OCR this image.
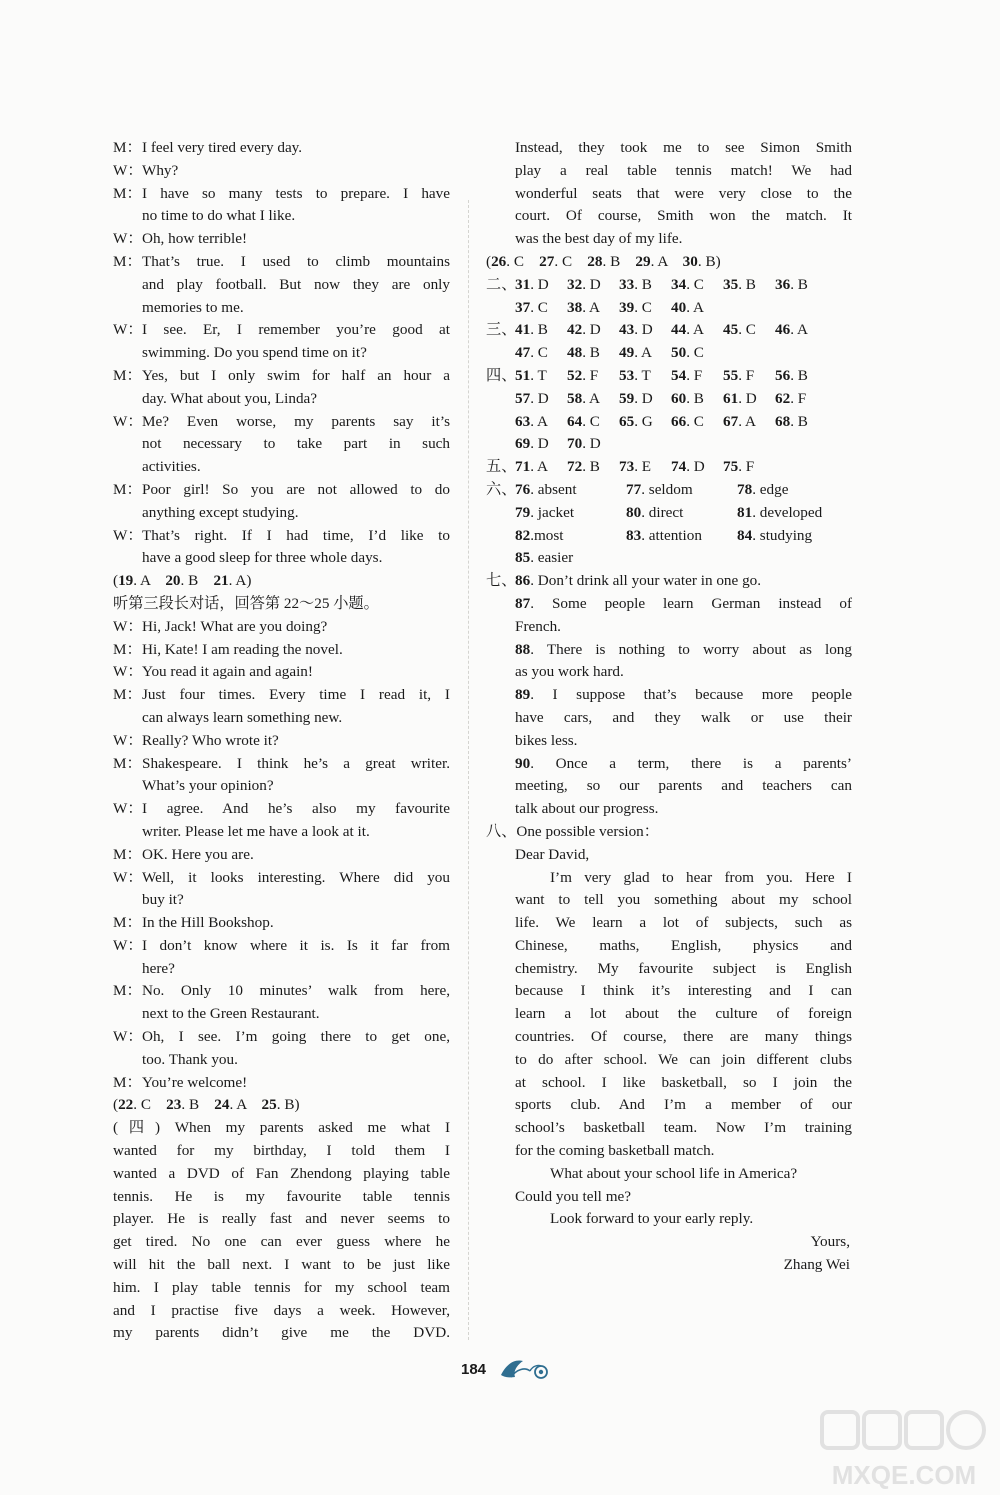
M： I feel very tired every day.
W： Why?
M： I have so many tests to prepare. I have
no time to do what I like.
W： Oh, how terrible!
M： That’s true. I used to climb mountains
and play football. But now they are only
memories to me.
W： I see. Er, I remember you’re good at
swimming. Do you spend time on it?
M： Yes, but I only swim for half an hour a
day. What about you, Linda?
W： Me? Even worse, my parents say it’s
not necessary to take part in such
activities.
M： Poor girl! So you are not allowed to do
anything except studying.
W： That’s right. If I had time, I’d like to
have a good sleep for three whole days.
(19. A　20. B　21. A)
听第三段长对话，回答第 22～25 小题。
W： Hi, Jack! What are you doing?
M： Hi, Kate! I am reading the novel.
W： You read it again and again!
M： Just four times. Every time I read it, I
can always learn something new.
W： Really? Who wrote it?
M： Shakespeare. I think he’s a great writer.
What’s your opinion?
W： I agree. And he’s also my favourite
writer. Please let me have a look at it.
M： OK. Here you are.
W： Well, it looks interesting. Where did you
buy it?
M： In the Hill Bookshop.
W： I don’t know where it is. Is it far from
here?
M： No. Only 10 minutes’ walk from here,
next to the Green Restaurant.
W： Oh, I see. I’m going there to get one,
too. Thank you.
M： You’re welcome!
(22. C　23. B　24. A　25. B)
(四) When my parents asked me what I
wanted for my birthday, I told them I
wanted a DVD of Fan Zhendong playing table
tennis. He is my favourite table tennis
player. He is really fast and never seems to
get tired. No one can ever guess where he
will hit the ball next. I want to be just like
him. I play table tennis for my school team
and I practise five days a week. However,
my parents didn’t give me the DVD.
Instead, they took me to see Simon Smith
play a real table tennis match! We had
wonderful seats that were very close to the
court. Of course, Smith won the match. It
was the best day of my life.
(26. C　27. C　28. B　29. A　30. B)
二、31. D 32. D 33. B 34. C 35. B 36. B
37. C 38. A 39. C 40. A
三、41. B 42. D 43. D 44. A 45. C 46. A
47. C 48. B 49. A 50. C
四、51. T 52. F 53. T 54. F 55. F 56. B
57. D 58. A 59. D 60. B 61. D 62. F
63. A 64. C 65. G 66. C 67. A 68. B
69. D 70. D
五、71. A 72. B 73. E 74. D 75. F
六、76. absent	77. seldom	78. edge
79. jacket	80. direct	81. developed
82.most	83. attention 84. studying
85. easier
七、
86. Don’t drink all your water in one go.
87. Some people learn German instead of
French.
88. There is nothing to worry about as long
as you work hard.
89. I suppose that’s because more people
have cars, and they walk or use their
bikes less.
90. Once a term, there is a parents’
meeting, so our parents and teachers can
talk about our progress.
八、One possible version：
Dear David,
I’m very glad to hear from you. Here I
want to tell you something about my school
life. We learn a lot of subjects, such as
Chinese, maths, English, physics and
chemistry. My favourite subject is English
because I think it’s interesting and I can
learn a lot about the culture of foreign
countries. Of course, there are many things
to do after school. We can join different clubs
at school. I like basketball, so I join the
sports club. And I’m a member of our
school’s basketball team. Now I’m training
for the coming basketball match.
What about your school life in America?
Could you tell me?
Look forward to your early reply.
Yours,
Zhang Wei
184
MXQE.COM
